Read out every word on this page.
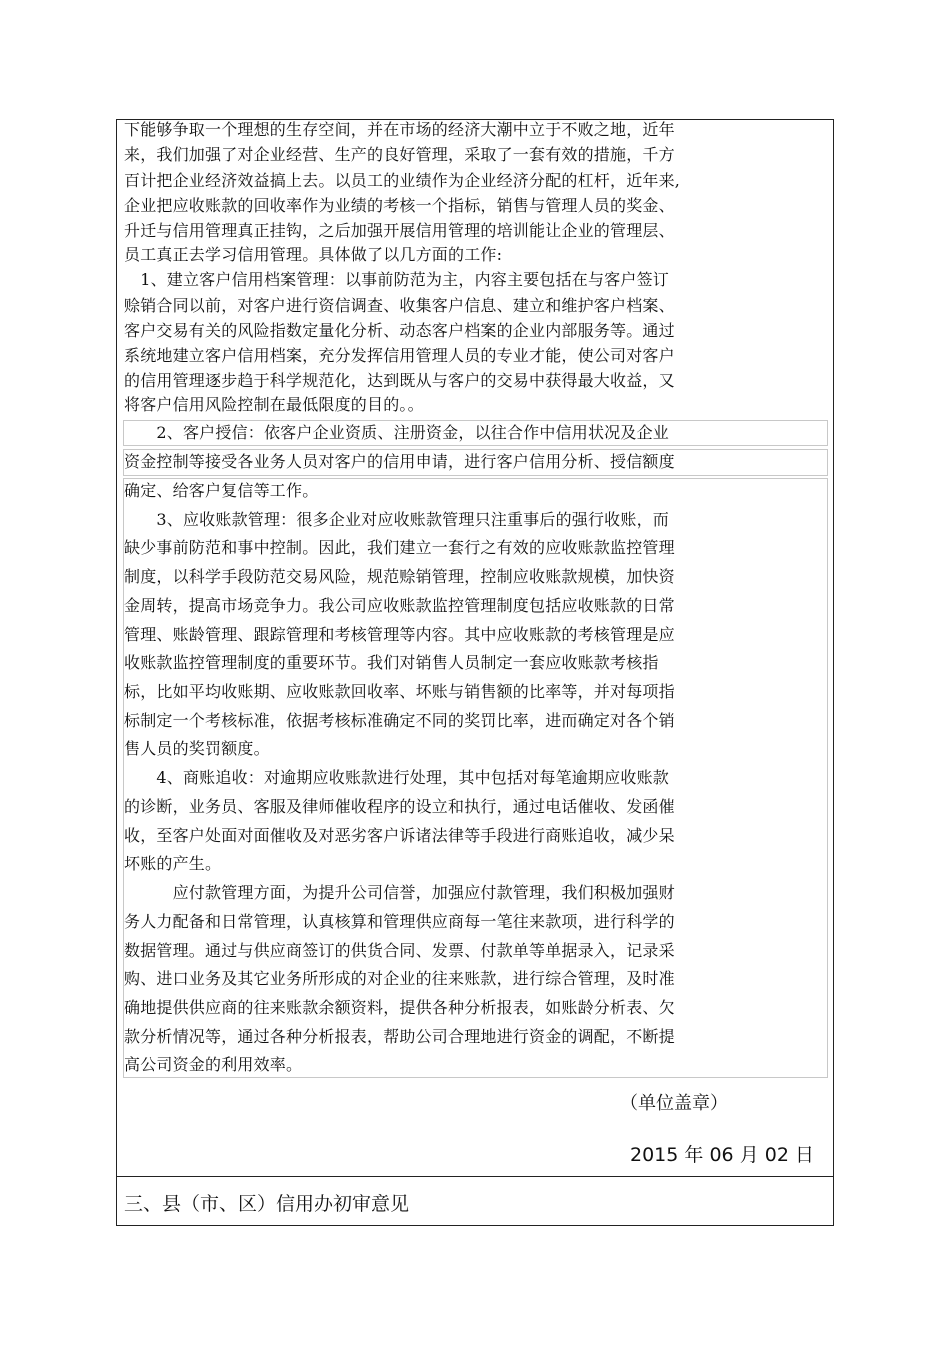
下能够争取一个理想的生存空间，并在市场的经济大潮中立于不败之地，近年
来，我们加强了对企业经营、生产的良好管理，采取了一套有效的措施，千方
百计把企业经济效益搞上去。以员工的业绩作为企业经济分配的杠杆，近年来,
企业把应收账款的回收率作为业绩的考核一个指标，销售与管理人员的奖金、
升迁与信用管理真正挂钩，之后加强开展信用管理的培训能让企业的管理层、
员工真正去学习信用管理。具体做了以几方面的工作:
　1、建立客户信用档案管理：以事前防范为主，内容主要包括在与客户签订
赊销合同以前，对客户进行资信调查、收集客户信息、建立和维护客户档案、
客户交易有关的风险指数定量化分析、动态客户档案的企业内部服务等。通过
系统地建立客户信用档案，充分发挥信用管理人员的专业才能，使公司对客户
的信用管理逐步趋于科学规范化，达到既从与客户的交易中获得最大收益，又
将客户信用风险控制在最低限度的目的。。
　　2、客户授信：依客户企业资质、注册资金，以往合作中信用状况及企业
资金控制等接受各业务人员对客户的信用申请，进行客户信用分析、授信额度
确定、给客户复信等工作。
　　3、应收账款管理：很多企业对应收账款管理只注重事后的强行收账，而
缺少事前防范和事中控制。因此，我们建立一套行之有效的应收账款监控管理
制度，以科学手段防范交易风险，规范赊销管理，控制应收账款规模，加快资
金周转，提高市场竞争力。我公司应收账款监控管理制度包括应收账款的日常
管理、账龄管理、跟踪管理和考核管理等内容。其中应收账款的考核管理是应
收账款监控管理制度的重要环节。我们对销售人员制定一套应收账款考核指
标，比如平均收账期、应收账款回收率、坏账与销售额的比率等，并对每项指
标制定一个考核标准，依据考核标准确定不同的奖罚比率，进而确定对各个销
售人员的奖罚额度。
　　4、商账追收：对逾期应收账款进行处理，其中包括对每笔逾期应收账款
的诊断，业务员、客服及律师催收程序的设立和执行，通过电话催收、发函催
收，至客户处面对面催收及对恶劣客户诉诸法律等手段进行商账追收，减少呆
坏账的产生。
　　　应付款管理方面，为提升公司信誉，加强应付款管理，我们积极加强财
务人力配备和日常管理，认真核算和管理供应商每一笔往来款项，进行科学的
数据管理。通过与供应商签订的供货合同、发票、付款单等单据录入，记录采
购、进口业务及其它业务所形成的对企业的往来账款，进行综合管理，及时准
确地提供供应商的往来账款余额资料，提供各种分析报表，如账龄分析表、欠
款分析情况等，通过各种分析报表，帮助公司合理地进行资金的调配，不断提
高公司资金的利用效率。
（单位盖章）
2015 年 06 月 02 日
三、县（市、区）信用办初审意见
